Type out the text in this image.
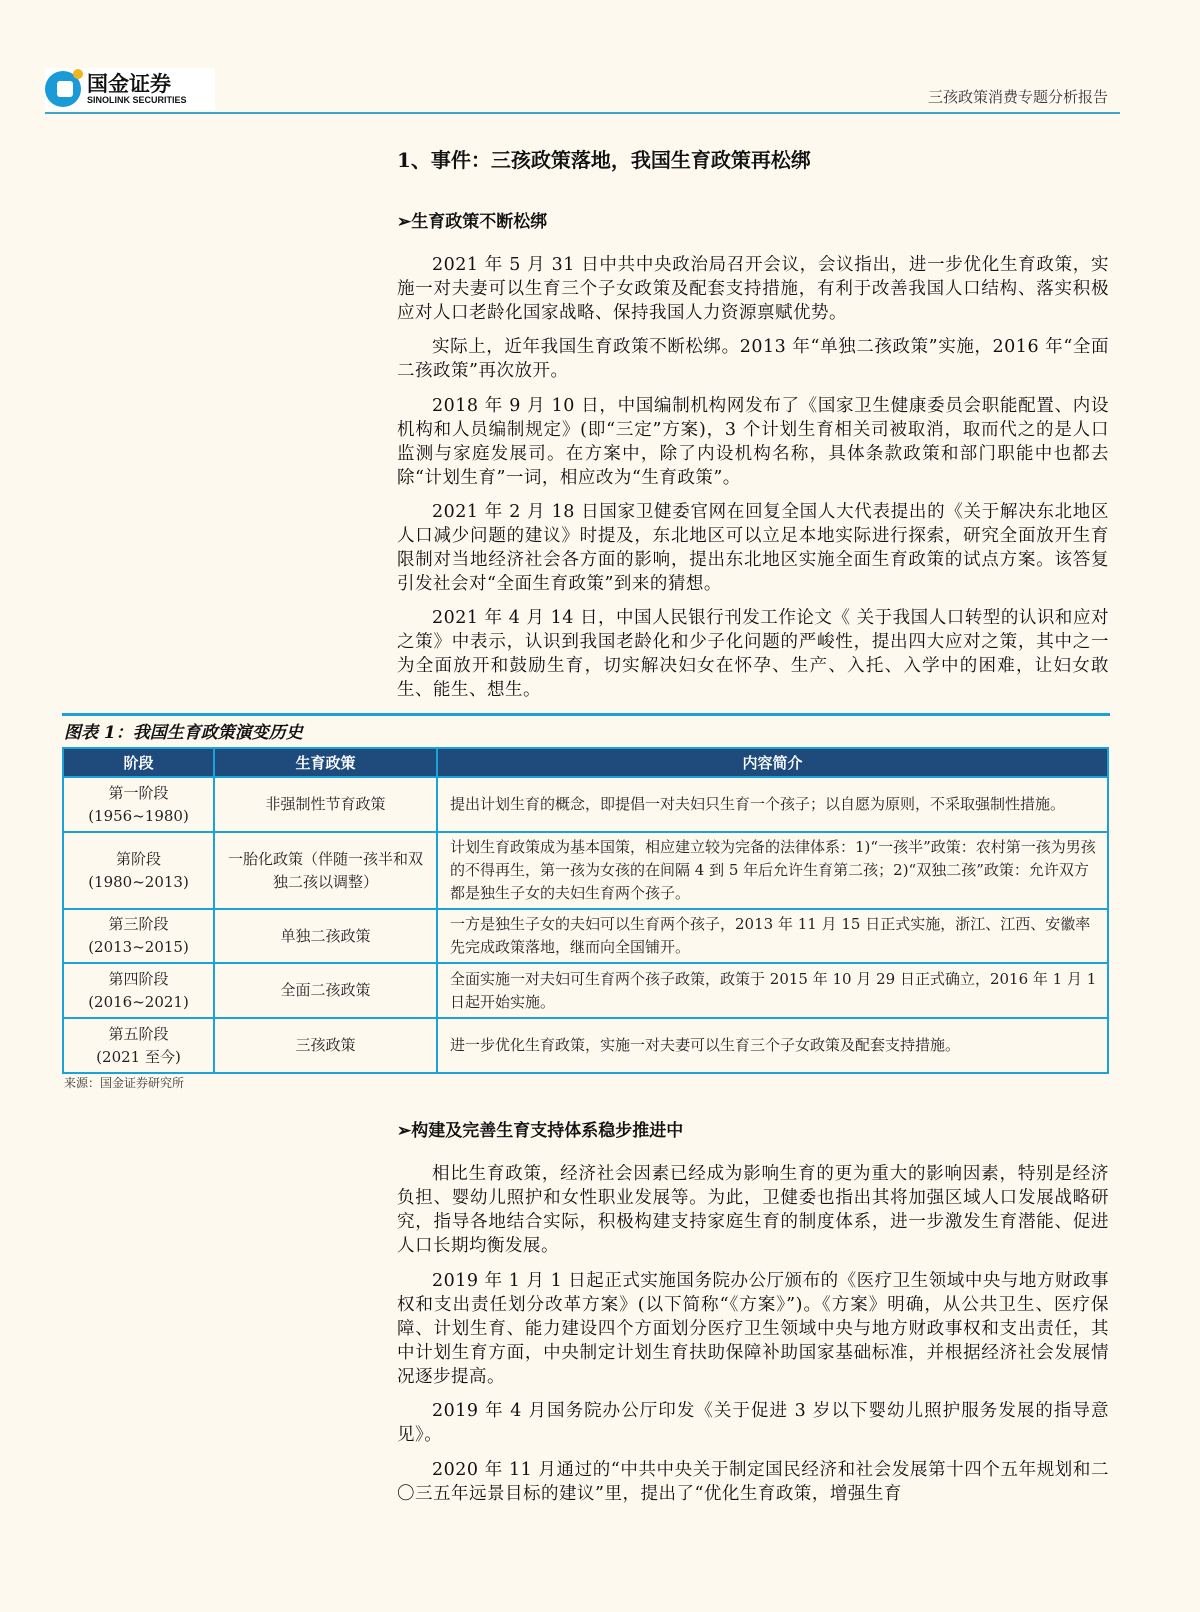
国金证券
SINOLINK SECURITIES	三孩政策消费专题分析报告
1、事件：三孩政策落地，我国生育政策再松绑
➢生育政策不断松绑

2021 年 5 月 31 日中共中央政治局召开会议，会议指出，进一步优化生育政策，实施一对夫妻可以生育三个子女政策及配套支持措施，有利于改善我国人口结构、落实积极应对人口老龄化国家战略、保持我国人力资源禀赋优势。

实际上，近年我国生育政策不断松绑。2013 年“单独二孩政策”实施，2016 年“全面二孩政策”再次放开。

2018 年 9 月 10 日，中国编制机构网发布了《国家卫生健康委员会职能配置、内设机构和人员编制规定》(即“三定”方案)，3 个计划生育相关司被取消，取而代之的是人口监测与家庭发展司。在方案中，除了内设机构名称，具体条款政策和部门职能中也都去除“计划生育”一词，相应改为“生育政策”。

2021 年 2 月 18 日国家卫健委官网在回复全国人大代表提出的《关于解决东北地区人口减少问题的建议》时提及，东北地区可以立足本地实际进行探索，研究全面放开生育限制对当地经济社会各方面的影响，提出东北地区实施全面生育政策的试点方案。该答复引发社会对“全面生育政策”到来的猜想。

2021 年 4 月 14 日，中国人民银行刊发工作论文《 关于我国人口转型的认识和应对之策》中表示，认识到我国老龄化和少子化问题的严峻性，提出四大应对之策，其中之一为全面放开和鼓励生育，切实解决妇女在怀孕、生产、入托、入学中的困难，让妇女敢生、能生、想生。

图表 1：我国生育政策演变历史
阶段	生育政策	内容简介

第一阶段
(1956~1980)	非强制性节育政策	提出计划生育的概念，即提倡一对夫妇只生育一个孩子；以自愿为原则，不采取强制性措施。

第阶段
(1980~2013)	一胎化政策（伴随一孩半和双独二孩以调整）	计划生育政策成为基本国策，相应建立较为完备的法律体系：1)“一孩半”政策：农村第一孩为男孩的不得再生，第一孩为女孩的在间隔 4 到 5 年后允许生育第二孩；2)“双独二孩”政策：允许双方都是独生子女的夫妇生育两个孩子。

第三阶段
(2013~2015)	单独二孩政策	一方是独生子女的夫妇可以生育两个孩子，2013 年 11 月 15 日正式实施，浙江、江西、安徽率先完成政策落地，继而向全国铺开。

第四阶段
(2016~2021)	全面二孩政策	全面实施一对夫妇可生育两个孩子政策，政策于 2015 年 10 月 29 日正式确立，2016 年 1 月 1 日起开始实施。

第五阶段
(2021 至今)	三孩政策	进一步优化生育政策，实施一对夫妻可以生育三个子女政策及配套支持措施。
来源：国金证券研究所
➢构建及完善生育支持体系稳步推进中

相比生育政策，经济社会因素已经成为影响生育的更为重大的影响因素，特别是经济负担、婴幼儿照护和女性职业发展等。为此，卫健委也指出其将加强区域人口发展战略研究，指导各地结合实际，积极构建支持家庭生育的制度体系，进一步激发生育潜能、促进人口长期均衡发展。

2019 年 1 月 1 日起正式实施国务院办公厅颁布的《医疗卫生领域中央与地方财政事权和支出责任划分改革方案》(以下简称“《方案》”)。《方案》明确，从公共卫生、医疗保障、计划生育、能力建设四个方面划分医疗卫生领域中央与地方财政事权和支出责任，其中计划生育方面，中央制定计划生育扶助保障补助国家基础标准，并根据经济社会发展情况逐步提高。

2019 年 4 月国务院办公厅印发《关于促进 3 岁以下婴幼儿照护服务发展的指导意见》。

2020 年 11 月通过的“中共中央关于制定国民经济和社会发展第十四个五年规划和二〇三五年远景目标的建议”里，提出了“优化生育政策，增强生育
